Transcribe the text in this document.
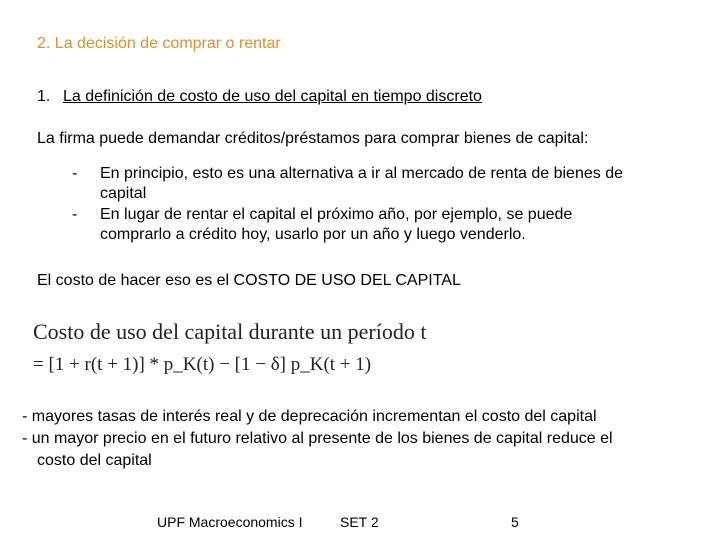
2. La decisión de comprar o rentar
1. La definición de costo de uso del capital en tiempo discreto
La firma puede demandar créditos/préstamos para comprar bienes de capital:
- En principio, esto es una alternativa a ir al mercado de renta de bienes de
capital
- En lugar de rentar el capital el próximo año, por ejemplo, se puede
comprarlo a crédito hoy, usarlo por un año y luego venderlo.
El costo de hacer eso es el COSTO DE USO DEL CAPITAL
Costo de uso del capital durante un período t
= [1 + r(t + 1)] * p_K(t) − [1 − δ] p_K(t + 1)
- mayores tasas de interés real y de deprecación incrementan el costo del capital
- un mayor precio en el futuro relativo al presente de los bienes de capital reduce el
costo del capital
UPF Macroeconomics I	SET 2	5
